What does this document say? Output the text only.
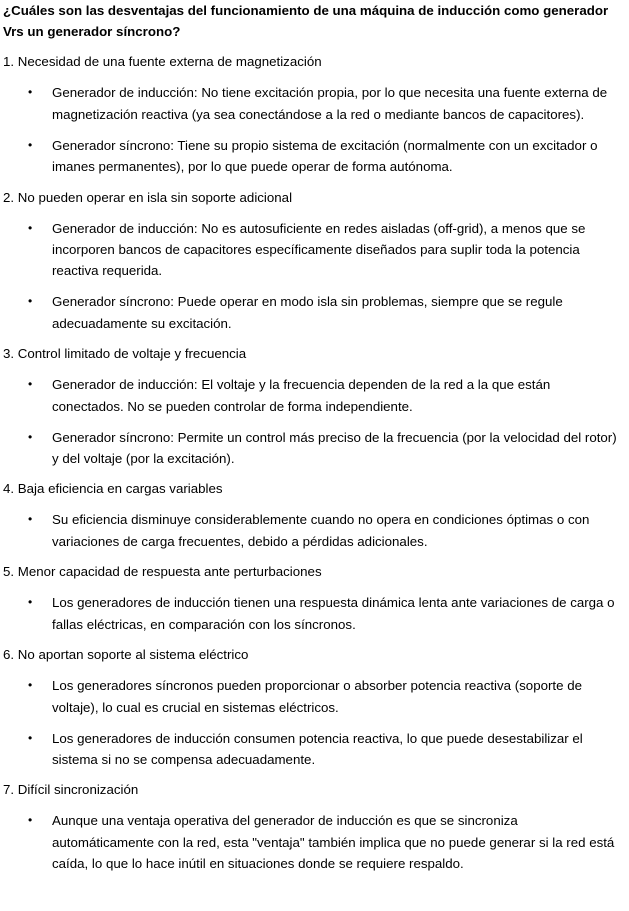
¿Cuáles son las desventajas del funcionamiento de una máquina de inducción como generador Vrs un generador síncrono?

1. Necesidad de una fuente externa de magnetización

• Generador de inducción: No tiene excitación propia, por lo que necesita una fuente externa de magnetización reactiva (ya sea conectándose a la red o mediante bancos de capacitores).
• Generador síncrono: Tiene su propio sistema de excitación (normalmente con un excitador o imanes permanentes), por lo que puede operar de forma autónoma.

2. No pueden operar en isla sin soporte adicional

• Generador de inducción: No es autosuficiente en redes aisladas (off-grid), a menos que se incorporen bancos de capacitores específicamente diseñados para suplir toda la potencia reactiva requerida.
• Generador síncrono: Puede operar en modo isla sin problemas, siempre que se regule adecuadamente su excitación.

3. Control limitado de voltaje y frecuencia

• Generador de inducción: El voltaje y la frecuencia dependen de la red a la que están conectados. No se pueden controlar de forma independiente.
• Generador síncrono: Permite un control más preciso de la frecuencia (por la velocidad del rotor) y del voltaje (por la excitación).

4. Baja eficiencia en cargas variables

• Su eficiencia disminuye considerablemente cuando no opera en condiciones óptimas o con variaciones de carga frecuentes, debido a pérdidas adicionales.

5. Menor capacidad de respuesta ante perturbaciones

• Los generadores de inducción tienen una respuesta dinámica lenta ante variaciones de carga o fallas eléctricas, en comparación con los síncronos.

6. No aportan soporte al sistema eléctrico

• Los generadores síncronos pueden proporcionar o absorber potencia reactiva (soporte de voltaje), lo cual es crucial en sistemas eléctricos.
• Los generadores de inducción consumen potencia reactiva, lo que puede desestabilizar el sistema si no se compensa adecuadamente.

7. Difícil sincronización

• Aunque una ventaja operativa del generador de inducción es que se sincroniza automáticamente con la red, esta "ventaja" también implica que no puede generar si la red está caída, lo que lo hace inútil en situaciones donde se requiere respaldo.
